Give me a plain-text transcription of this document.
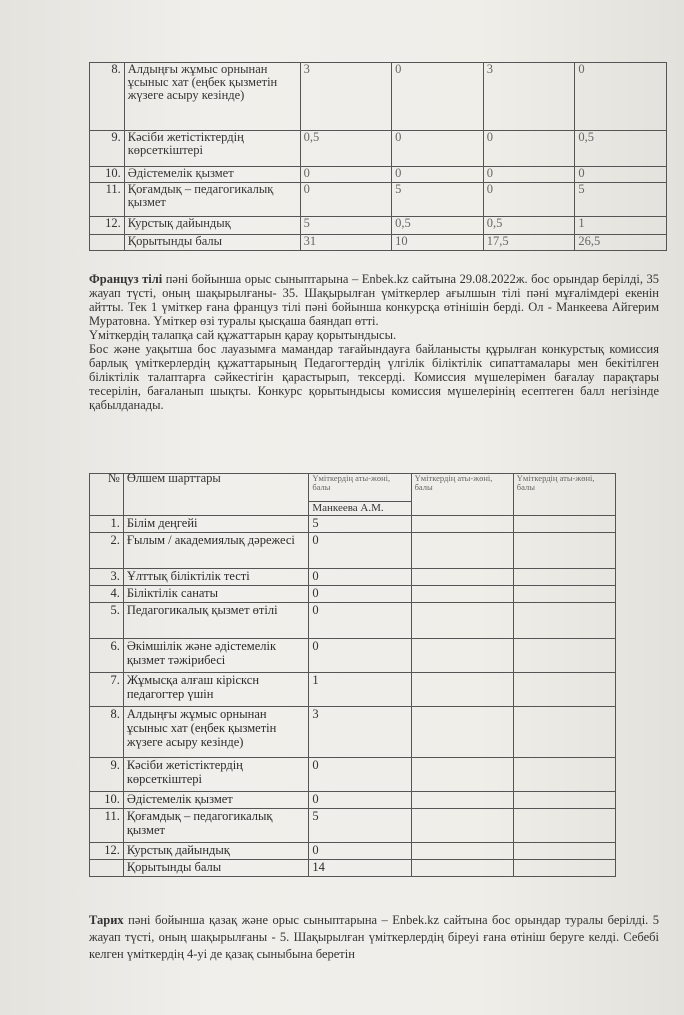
8.	Алдыңғы жұмыс орнынан ұсыныс хат (еңбек қызметін жүзеге асыру кезінде)	3	0	3	0
9.	Кәсіби жетістіктердің көрсеткіштері	0,5	0	0	0,5
10.	Әдістемелік қызмет	0	0	0	0
11.	Қоғамдық – педагогикалық қызмет	0	5	0	5
12.	Курстық дайындық	5	0,5	0,5	1
	Қорытынды балы	31	10	17,5	26,5
Француз тілі пәні бойынша орыс сыныптарына – Enbek.kz сайтына 29.08.2022ж. бос орындар берілді, 35 жауап түсті, оның шақырылғаны- 35. Шақырылған үміткерлер ағылшын тілі пәні мұғалімдері екенін айтты. Тек 1 үміткер ғана француз тілі пәні бойынша конкурсқа өтінішін берді. Ол - Манкеева Айгерим Муратовна. Үміткер өзі туралы қысқаша баяндап өтті.
Үміткердің талапқа сай құжаттарын қарау қорытындысы.
Бос және уақытша бос лауазымға мамандар тағайындауға байланысты құрылған конкурстық комиссия барлық үміткерлердің құжаттарының Педагогтердің үлгілік біліктілік сипаттамалары мен бекітілген біліктілік талаптарға сәйкестігін қарастырып, тексерді. Комиссия мүшелерімен бағалау парақтары тесерілін, бағаланып шықты. Конкурс қорытындысы комиссия мүшелерінің есептеген балл негізінде қабылданады.
№	Өлшем шарттары	Үміткердің аты-жөні, балы	Үміткердің аты-жөні, балы	Үміткердің аты-жөні, балы
		Манкеева А.М.		
1.	Білім деңгейі	5		
2.	Ғылым / академиялық дәрежесі	0		
3.	Ұлттық біліктілік тесті	0		
4.	Біліктілік санаты	0		
5.	Педагогикалық қызмет өтілі	0		
6.	Әкімшілік және әдістемелік қызмет тәжірибесі	0		
7.	Жұмысқа алғаш кірісксн педагогтер үшін	1		
8.	Алдыңғы жұмыс орнынан ұсыныс хат (еңбек қызметін жүзеге асыру кезінде)	3		
9.	Кәсіби жетістіктердің көрсеткіштері	0		
10.	Әдістемелік қызмет	0		
11.	Қоғамдық – педагогикалық қызмет	5		
12.	Курстық дайындық	0		
	Қорытынды балы	14		
Тарих пәні бойынша қазақ және орыс сыныптарына – Enbek.kz сайтына бос орындар туралы берілді. 5 жауап түсті, оның шақырылғаны - 5. Шақырылған үміткерлердің біреуі ғана өтініш беруге келді. Себебі келген үміткердің 4-уі де қазақ сыныбына беретін
